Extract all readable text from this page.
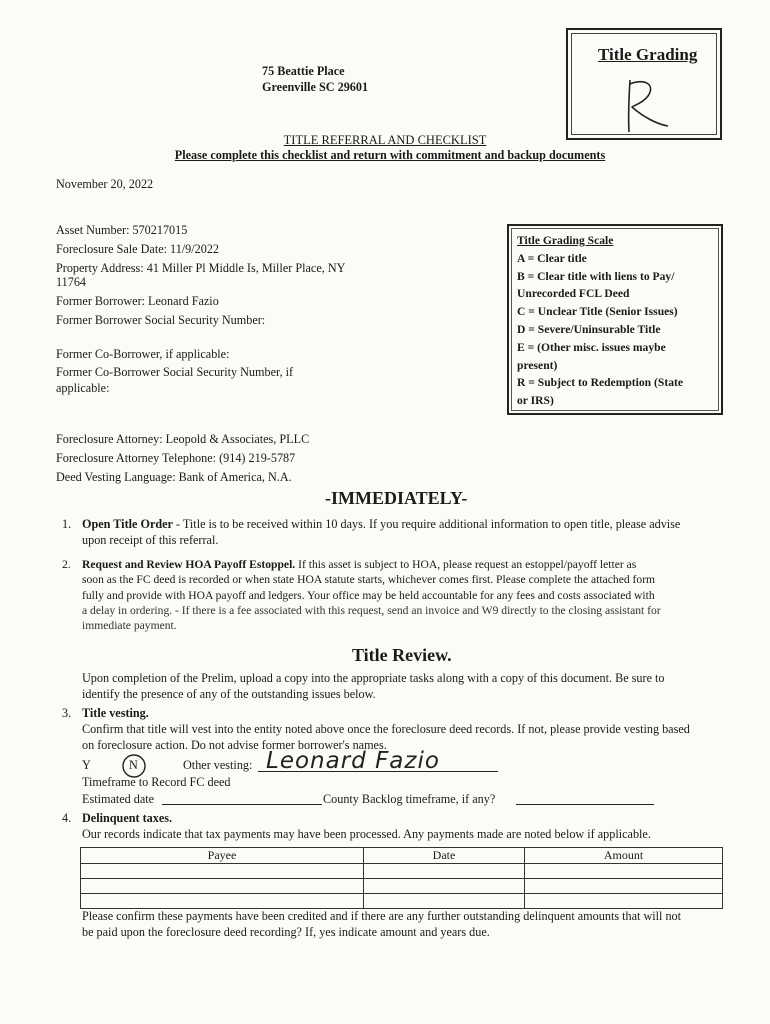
75 Beattie Place
Greenville SC 29601
Title Grading
TITLE REFERRAL AND CHECKLIST
Please complete this checklist and return with commitment and backup documents
November 20, 2022
Asset Number: 570217015
Foreclosure Sale Date: 11/9/2022
Property Address: 41 Miller Pl Middle Is, Miller Place, NY
11764
Former Borrower: Leonard Fazio
Former Borrower Social Security Number:
Former Co-Borrower, if applicable:
Former Co-Borrower Social Security Number, if
applicable:
Title Grading Scale
A = Clear title
B = Clear title with liens to Pay/
Unrecorded FCL Deed
C = Unclear Title (Senior Issues)
D = Severe/Uninsurable Title
E = (Other misc. issues maybe
present)
R = Subject to Redemption (State
or IRS)
Foreclosure Attorney: Leopold & Associates, PLLC
Foreclosure Attorney Telephone: (914) 219-5787
Deed Vesting Language: Bank of America, N.A.
-IMMEDIATELY-
1. Open Title Order - Title is to be received within 10 days. If you require additional information to open title, please advise
upon receipt of this referral.
2. Request and Review HOA Payoff Estoppel. If this asset is subject to HOA, please request an estoppel/payoff letter as
soon as the FC deed is recorded or when state HOA statute starts, whichever comes first. Please complete the attached form
fully and provide with HOA payoff and ledgers. Your office may be held accountable for any fees and costs associated with
a delay in ordering. - If there is a fee associated with this request, send an invoice and W9 directly to the closing assistant for
immediate payment.
Title Review.
Upon completion of the Prelim, upload a copy into the appropriate tasks along with a copy of this document. Be sure to
identify the presence of any of the outstanding issues below.
3. Title vesting.
Confirm that title will vest into the entity noted above once the foreclosure deed records. If not, please provide vesting based
on foreclosure action. Do not advise former borrower's names.
Y	N	Other vesting: Leonard Fazio
Timeframe to Record FC deed
Estimated date	County Backlog timeframe, if any?
4. Delinquent taxes.
Our records indicate that tax payments may have been processed. Any payments made are noted below if applicable.
Payee	Date	Amount

Please confirm these payments have been credited and if there are any further outstanding delinquent amounts that will not
be paid upon the foreclosure deed recording? If, yes indicate amount and years due.
